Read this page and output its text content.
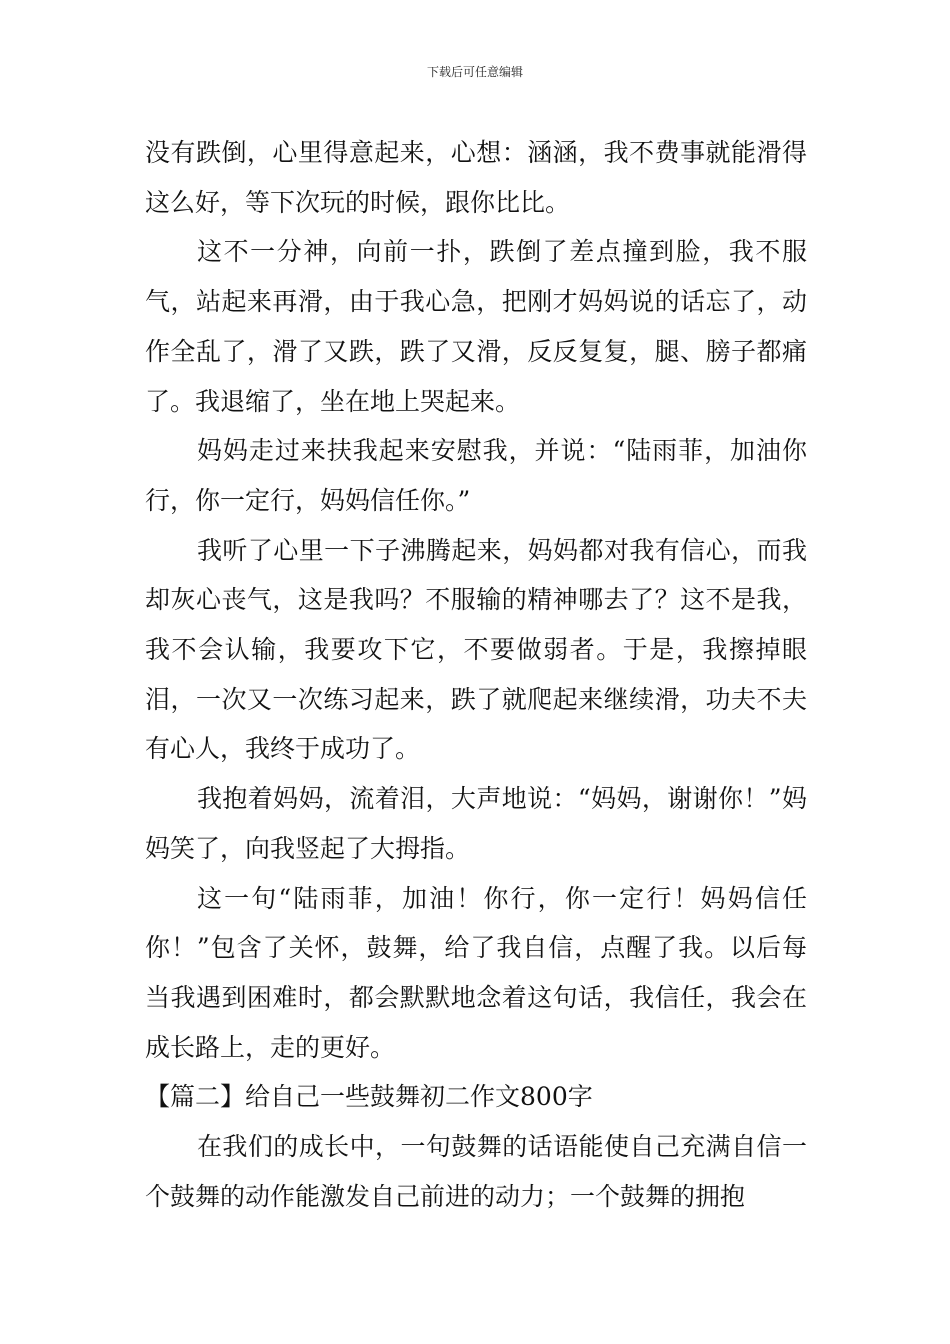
下载后可任意编辑

没有跌倒，心里得意起来，心想：涵涵，我不费事就能滑得这么好，等下次玩的时候，跟你比比。

这不一分神，向前一扑，跌倒了差点撞到脸，我不服气，站起来再滑，由于我心急，把刚才妈妈说的话忘了，动作全乱了，滑了又跌，跌了又滑，反反复复，腿、膀子都痛了。我退缩了，坐在地上哭起来。

妈妈走过来扶我起来安慰我，并说：“陆雨菲，加油你行，你一定行，妈妈信任你。”

我听了心里一下子沸腾起来，妈妈都对我有信心，而我却灰心丧气，这是我吗？不服输的精神哪去了？这不是我，我不会认输，我要攻下它，不要做弱者。于是，我擦掉眼泪，一次又一次练习起来，跌了就爬起来继续滑，功夫不夫有心人，我终于成功了。

我抱着妈妈，流着泪，大声地说：“妈妈，谢谢你！”妈妈笑了，向我竖起了大拇指。

这一句“陆雨菲，加油！你行，你一定行！妈妈信任你！”包含了关怀，鼓舞，给了我自信，点醒了我。以后每当我遇到困难时，都会默默地念着这句话，我信任，我会在成长路上，走的更好。

【篇二】给自己一些鼓舞初二作文800字

在我们的成长中，一句鼓舞的话语能使自己充满自信一个鼓舞的动作能激发自己前进的动力；一个鼓舞的拥抱
